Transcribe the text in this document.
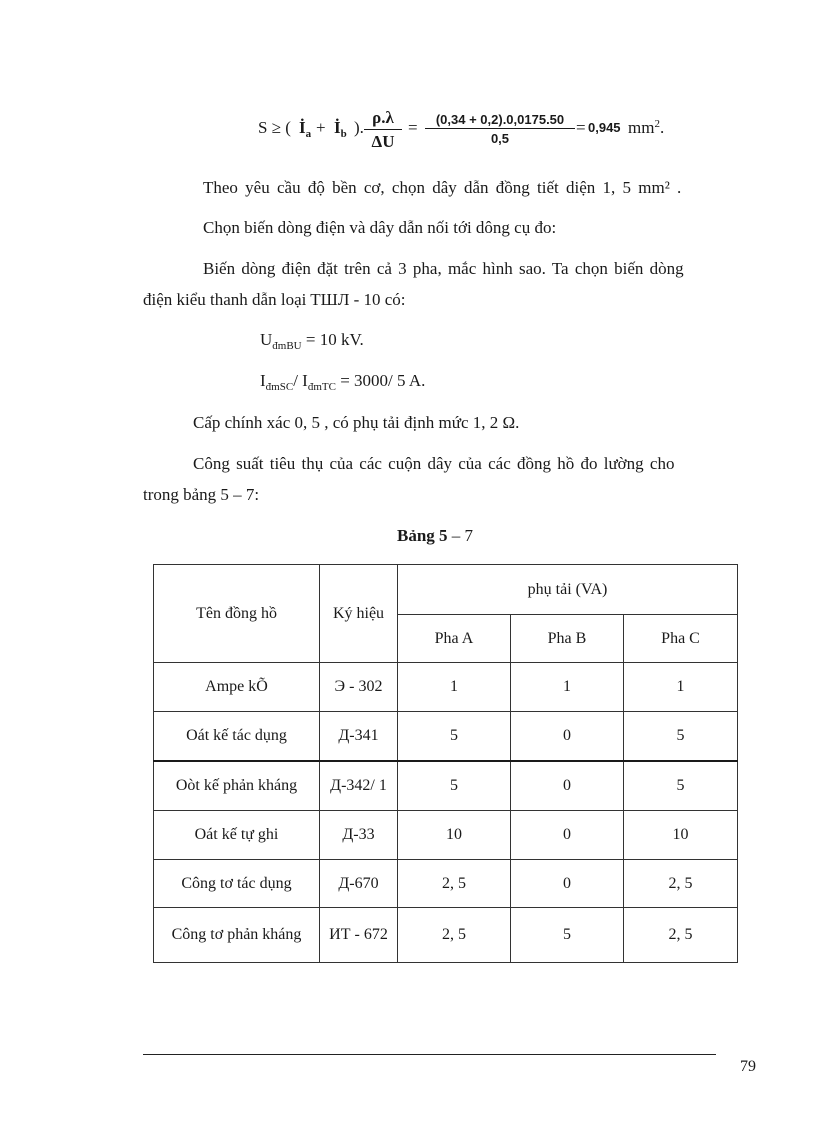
S ≥ ( $İ_a$ + $İ_b$ ). $\frac{\rho.\lambda}{\Delta U} = \frac{(0,34 + 0,2).0,0175.50}{0,5} = 0,945$ $mm^2$.
Theo yêu cầu độ bền cơ, chọn dây dẫn đồng tiết diện 1, 5 mm² .
Chọn biến dòng điện và dây dẫn nối tới dông cụ đo:
Biến dòng điện đặt trên cả 3 pha, mắc hình sao. Ta chọn biến dòng
điện kiểu thanh dẫn loại TШЛ - 10 có:
$U_{đmBU} = 10$ kV.
$I_{đmSC}/$ $I_{đmTC} = 3000/$ 5 A.
Cấp chính xác 0, 5 , có phụ tải định mức 1, 2 Ω.
Công suất tiêu thụ của các cuộn dây của các đồng hồ đo lường cho
trong bảng 5 – 7:
Bảng 5 – 7
Tên đồng hồ	Ký hiệu	phụ tải (VA)		
		Pha A	Pha B	Pha C
Ampe kÕ	Э - 302	1	1	1
Oát kế tác dụng	Д-341	5	0	5
Oòt kế phản kháng	Д-342/ 1	5	0	5
Oát kế tự ghi	Д-33	10	0	10
Công tơ tác dụng	Д-670	2, 5	0	2, 5
Công tơ phản kháng	ИТ - 672	2, 5	5	2, 5
79
